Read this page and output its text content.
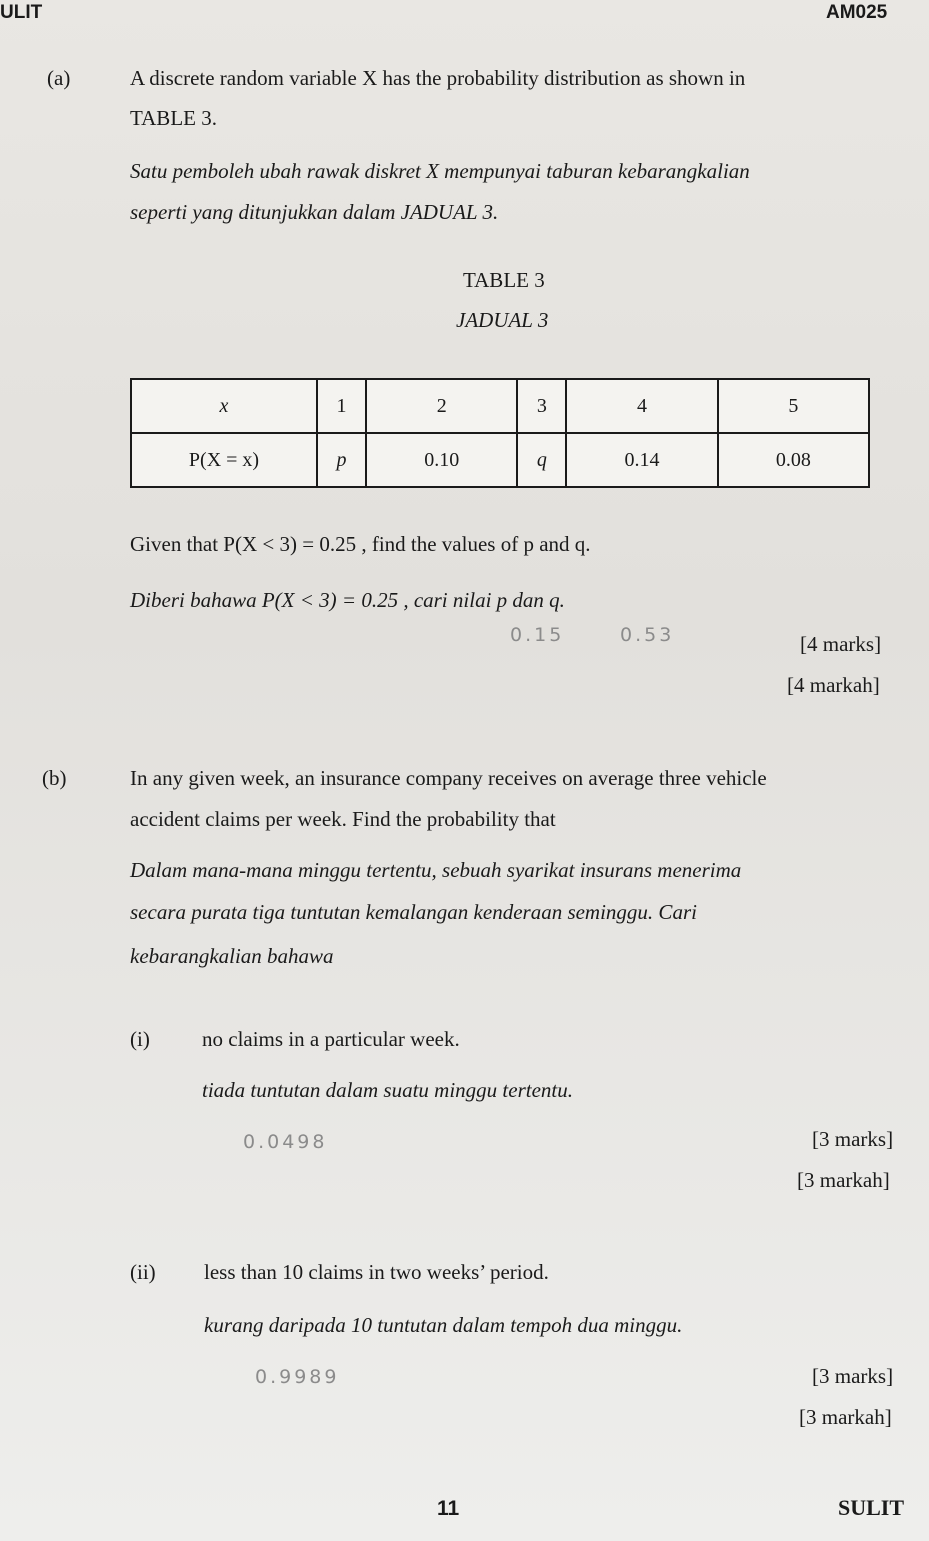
ULIT	AM025
(a)	A discrete random variable X has the probability distribution as shown in
TABLE 3.
Satu pemboleh ubah rawak diskret X mempunyai taburan kebarangkalian
seperti yang ditunjukkan dalam JADUAL 3.
TABLE 3
JADUAL 3
x	1	2	3	4	5
P(X = x)	p	0.10	q	0.14	0.08
Given that P(X < 3) = 0.25 , find the values of p and q.
Diberi bahawa P(X < 3) = 0.25 , cari nilai p dan q.
0.15	0.53	[4 marks]
[4 markah]
(b)	In any given week, an insurance company receives on average three vehicle
accident claims per week. Find the probability that
Dalam mana-mana minggu tertentu, sebuah syarikat insurans menerima
secara purata tiga tuntutan kemalangan kenderaan seminggu. Cari
kebarangkalian bahawa
(i) no claims in a particular week.
tiada tuntutan dalam suatu minggu tertentu.
0.0498	[3 marks]
[3 markah]
(ii) less than 10 claims in two weeks’ period.
kurang daripada 10 tuntutan dalam tempoh dua minggu.
0.9989	[3 marks]
[3 markah]
11	SULIT
